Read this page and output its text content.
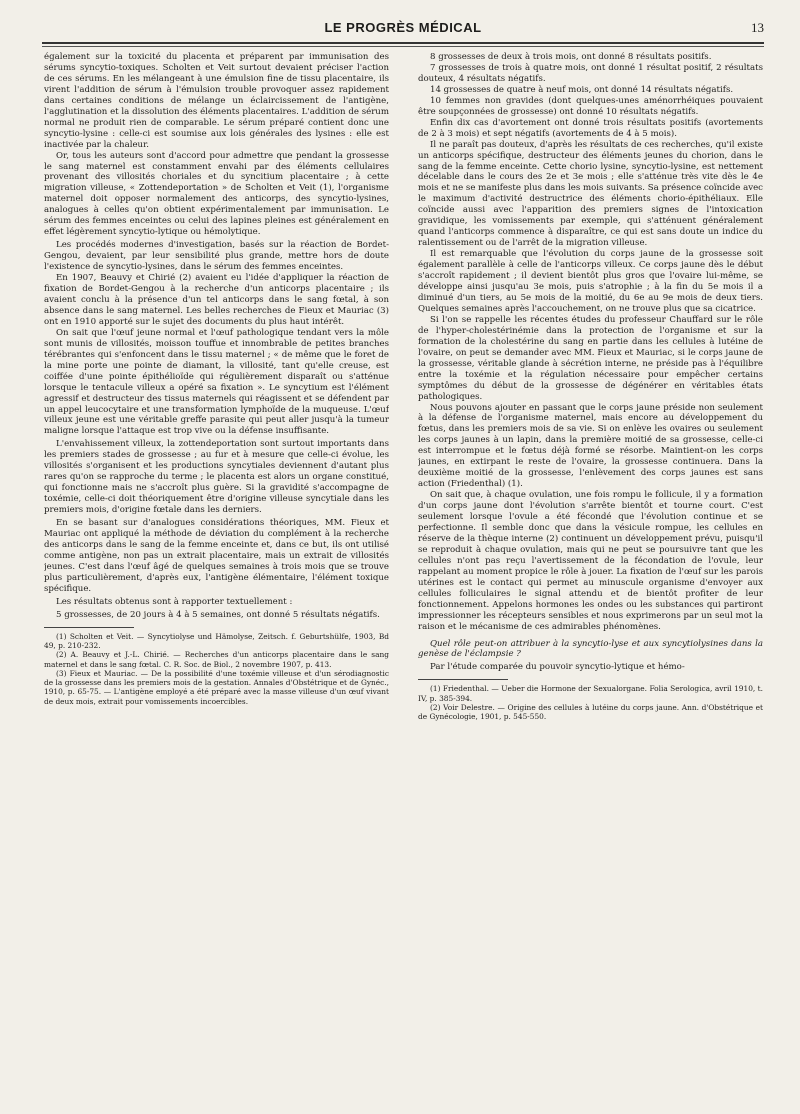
LE PROGRÈS MÉDICAL	13

également sur la toxicité du placenta et préparent par immunisation des sérums syncytio-toxiques. Scholten et Veit surtout devaient préciser l'action de ces sérums. En les mélangeant à une émulsion fine de tissu placentaire, ils virent l'addition de sérum à l'émulsion trouble provoquer assez rapidement dans certaines conditions de mélange un éclaircissement de l'antigène, l'agglutination et la dissolution des éléments placentaires. L'addition de sérum normal ne produit rien de comparable. Le sérum préparé contient donc une syncytio-lysine : celle-ci est soumise aux lois générales des lysines : elle est inactivée par la chaleur.

Or, tous les auteurs sont d'accord pour admettre que pendant la grossesse le sang maternel est constamment envahi par des éléments cellulaires provenant des villosités choriales et du syncitium placentaire ; à cette migration villeuse, « Zottendeportation » de Scholten et Veit (1), l'organisme maternel doit opposer normalement des anticorps, des syncytio-lysines, analogues à celles qu'on obtient expérimentalement par immunisation. Le sérum des femmes enceintes ou celui des lapines pleines est généralement en effet légèrement syncytio-lytique ou hémolytique.

Les procédés modernes d'investigation, basés sur la réaction de Bordet-Gengou, devaient, par leur sensibilité plus grande, mettre hors de doute l'existence de syncytio-lysines, dans le sérum des femmes enceintes.

En 1907, Beauvy et Chirié (2) avaient eu l'idée d'appliquer la réaction de fixation de Bordet-Gengou à la recherche d'un anticorps placentaire ; ils avaient conclu à la présence d'un tel anticorps dans le sang fœtal, à son absence dans le sang maternel. Les belles recherches de Fieux et Mauriac (3) ont en 1910 apporté sur le sujet des documents du plus haut intérêt.

On sait que l'œuf jeune normal et l'œuf pathologique tendant vers la môle sont munis de villosités, moisson touffue et innombrable de petites branches térébrantes qui s'enfoncent dans le tissu maternel ; « de même que le foret de la mine porte une pointe de diamant, la villosité, tant qu'elle creuse, est coiffée d'une pointe épithélioïde qui régulièrement disparaît ou s'atténue lorsque le tentacule villeux a opéré sa fixation ». Le syncytium est l'élément agressif et destructeur des tissus maternels qui réagissent et se défendent par un appel leucocytaire et une transformation lymphoïde de la muqueuse. L'œuf villeux jeune est une véritable greffe parasite qui peut aller jusqu'à la tumeur maligne lorsque l'attaque est trop vive ou la défense insuffisante.

L'envahissement villeux, la zottendeportation sont surtout importants dans les premiers stades de grossesse ; au fur et à mesure que celle-ci évolue, les villosités s'organisent et les productions syncytiales deviennent d'autant plus rares qu'on se rapproche du terme ; le placenta est alors un organe constitué, qui fonctionne mais ne s'accroît plus guère. Si la gravidité s'accompagne de toxémie, celle-ci doit théoriquement être d'origine villeuse syncytiale dans les premiers mois, d'origine fœtale dans les derniers.

En se basant sur d'analogues considérations théoriques, MM. Fieux et Mauriac ont appliqué la méthode de déviation du complément à la recherche des anticorps dans le sang de la femme enceinte et, dans ce but, ils ont utilisé comme antigène, non pas un extrait placentaire, mais un extrait de villosités jeunes. C'est dans l'œuf âgé de quelques semaines à trois mois que se trouve plus particulièrement, d'après eux, l'antigène élémentaire, l'élément toxique spécifique.

Les résultats obtenus sont à rapporter textuellement :

5 grossesses, de 20 jours à 4 à 5 semaines, ont donné 5 résultats négatifs.

(1) Scholten et Veit. — Syncytiolyse und Hämolyse, Zeitsch. f. Geburtshülfe, 1903, Bd 49, p. 210-232.

(2) A. Beauvy et J.-L. Chirié. — Recherches d'un anticorps placentaire dans le sang maternel et dans le sang fœtal. C. R. Soc. de Biol., 2 novembre 1907, p. 413.

(3) Fieux et Mauriac. — De la possibilité d'une toxémie villeuse et d'un sérodiagnostic de la grossesse dans les premiers mois de la gestation. Annales d'Obstétrique et de Gynéc., 1910, p. 65-75. — L'antigène employé a été préparé avec la masse villeuse d'un œuf vivant de deux mois, extrait pour vomissements incoercibles.

8 grossesses de deux à trois mois, ont donné 8 résultats positifs.

7 grossesses de trois à quatre mois, ont donné 1 résultat positif, 2 résultats douteux, 4 résultats négatifs.

14 grossesses de quatre à neuf mois, ont donné 14 résultats négatifs.

10 femmes non gravides (dont quelques-unes aménorrhéiques pouvaient être soupçonnées de grossesse) ont donné 10 résultats négatifs.

Enfin dix cas d'avortement ont donné trois résultats positifs (avortements de 2 à 3 mois) et sept négatifs (avortements de 4 à 5 mois).

Il ne paraît pas douteux, d'après les résultats de ces recherches, qu'il existe un anticorps spécifique, destructeur des éléments jeunes du chorion, dans le sang de la femme enceinte. Cette chorio lysine, syncytio-lysine, est nettement décelable dans le cours des 2e et 3e mois ; elle s'atténue très vite dès le 4e mois et ne se manifeste plus dans les mois suivants. Sa présence coïncide avec le maximum d'activité destructrice des éléments chorio-épithéliaux. Elle coïncide aussi avec l'apparition des premiers signes de l'intoxication gravidique, les vomissements par exemple, qui s'atténuent généralement quand l'anticorps commence à disparaître, ce qui est sans doute un indice du ralentissement ou de l'arrêt de la migration villeuse.

Il est remarquable que l'évolution du corps jaune de la grossesse soit également parallèle à celle de l'anticorps villeux. Ce corps jaune dès le début s'accroît rapidement ; il devient bientôt plus gros que l'ovaire lui-même, se développe ainsi jusqu'au 3e mois, puis s'atrophie ; à la fin du 5e mois il a diminué d'un tiers, au 5e mois de la moitié, du 6e au 9e mois de deux tiers. Quelques semaines après l'accouchement, on ne trouve plus que sa cicatrice.

Si l'on se rappelle les récentes études du professeur Chauffard sur le rôle de l'hyper-cholestérinémie dans la protection de l'organisme et sur la formation de la cholestérine du sang en partie dans les cellules à lutéine de l'ovaire, on peut se demander avec MM. Fieux et Mauriac, si le corps jaune de la grossesse, véritable glande à sécrétion interne, ne préside pas à l'équilibre entre la toxémie et la régulation nécessaire pour empêcher certains symptômes du début de la grossesse de dégénérer en véritables états pathologiques.

Nous pouvons ajouter en passant que le corps jaune préside non seulement à la défense de l'organisme maternel, mais encore au développement du fœtus, dans les premiers mois de sa vie. Si on enlève les ovaires ou seulement les corps jaunes à un lapin, dans la première moitié de sa grossesse, celle-ci est interrompue et le fœtus déjà formé se résorbe. Maintient-on les corps jaunes, en extirpant le reste de l'ovaire, la grossesse continuera. Dans la deuxième moitié de la grossesse, l'enlèvement des corps jaunes est sans action (Friedenthal) (1).

On sait que, à chaque ovulation, une fois rompu le follicule, il y a formation d'un corps jaune dont l'évolution s'arrête bientôt et tourne court. C'est seulement lorsque l'ovule a été fécondé que l'évolution continue et se perfectionne. Il semble donc que dans la vésicule rompue, les cellules en réserve de la thèque interne (2) continuent un développement prévu, puisqu'il se reproduit à chaque ovulation, mais qui ne peut se poursuivre tant que les cellules n'ont pas reçu l'avertissement de la fécondation de l'ovule, leur rappelant au moment propice le rôle à jouer. La fixation de l'œuf sur les parois utérines est le contact qui permet au minuscule organisme d'envoyer aux cellules folliculaires le signal attendu et de bientôt profiter de leur fonctionnement. Appelons hormones les ondes ou les substances qui partiront impressionner les récepteurs sensibles et nous exprimerons par un seul mot la raison et le mécanisme de ces admirables phénomènes.

Quel rôle peut-on attribuer à la syncytio-lyse et aux syncytiolysines dans la genèse de l'éclampsie ?

Par l'étude comparée du pouvoir syncytio-lytique et hémo-

(1) Friedenthal. — Ueber die Hormone der Sexualorgane. Folia Serologica, avril 1910, t. IV, p. 385-394.

(2) Voir Delestre. — Origine des cellules à lutéine du corps jaune. Ann. d'Obstétrique et de Gynécologie, 1901, p. 545-550.
